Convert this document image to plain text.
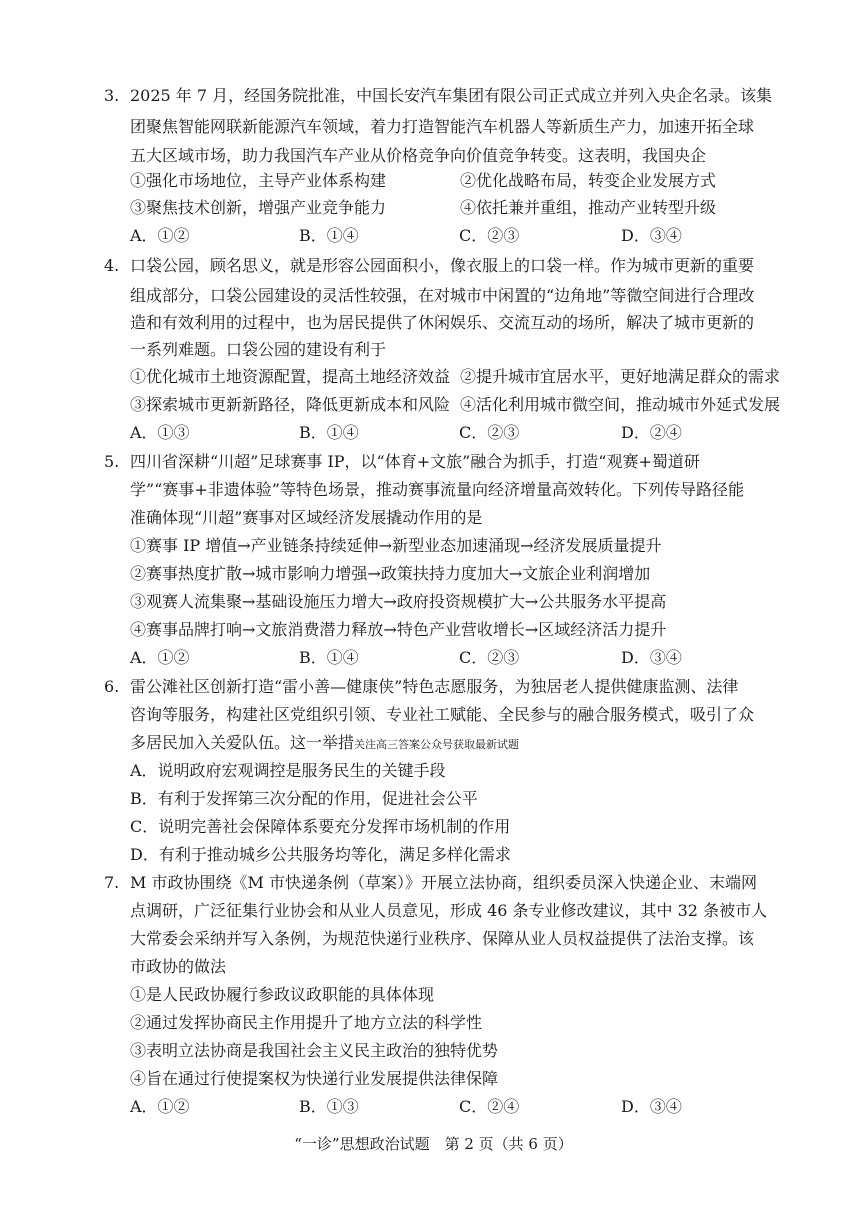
3. 2025 年 7 月，经国务院批准，中国长安汽车集团有限公司正式成立并列入央企名录。该集
团聚焦智能网联新能源汽车领域，着力打造智能汽车机器人等新质生产力，加速开拓全球
五大区域市场，助力我国汽车产业从价格竞争向价值竞争转变。这表明，我国央企
①强化市场地位，主导产业体系构建	②优化战略布局，转变企业发展方式
③聚焦技术创新，增强产业竞争能力	④依托兼并重组，推动产业转型升级
A．①②	B．①④	C．②③	D．③④
4. 口袋公园，顾名思义，就是形容公园面积小，像衣服上的口袋一样。作为城市更新的重要
组成部分，口袋公园建设的灵活性较强，在对城市中闲置的“边角地”等微空间进行合理改
造和有效利用的过程中，也为居民提供了休闲娱乐、交流互动的场所，解决了城市更新的
一系列难题。口袋公园的建设有利于
①优化城市土地资源配置，提高土地经济效益 ②提升城市宜居水平，更好地满足群众的需求
③探索城市更新新路径，降低更新成本和风险 ④活化利用城市微空间，推动城市外延式发展
A．①③	B．①④	C．②③	D．②④
5. 四川省深耕“川超”足球赛事 IP，以“体育+文旅”融合为抓手，打造“观赛+蜀道研
学”“赛事+非遗体验”等特色场景，推动赛事流量向经济增量高效转化。下列传导路径能
准确体现“川超”赛事对区域经济发展撬动作用的是
①赛事 IP 增值→产业链条持续延伸→新型业态加速涌现→经济发展质量提升
②赛事热度扩散→城市影响力增强→政策扶持力度加大→文旅企业利润增加
③观赛人流集聚→基础设施压力增大→政府投资规模扩大→公共服务水平提高
④赛事品牌打响→文旅消费潜力释放→特色产业营收增长→区域经济活力提升
A．①②	B．①④	C．②③	D．③④
6. 雷公滩社区创新打造“雷小善—健康侠”特色志愿服务，为独居老人提供健康监测、法律
咨询等服务，构建社区党组织引领、专业社工赋能、全民参与的融合服务模式，吸引了众
多居民加入关爱队伍。这一举措关注高三答案公众号获取最新试题
A．说明政府宏观调控是服务民生的关键手段
B．有利于发挥第三次分配的作用，促进社会公平
C．说明完善社会保障体系要充分发挥市场机制的作用
D．有利于推动城乡公共服务均等化，满足多样化需求
7. M 市政协围绕《M 市快递条例（草案）》开展立法协商，组织委员深入快递企业、末端网
点调研，广泛征集行业协会和从业人员意见，形成 46 条专业修改建议，其中 32 条被市人
大常委会采纳并写入条例，为规范快递行业秩序、保障从业人员权益提供了法治支撑。该
市政协的做法
①是人民政协履行参政议政职能的具体体现
②通过发挥协商民主作用提升了地方立法的科学性
③表明立法协商是我国社会主义民主政治的独特优势
④旨在通过行使提案权为快递行业发展提供法律保障
A．①②	B．①③	C．②④	D．③④
“一诊”思想政治试题　第 2 页（共 6 页）
